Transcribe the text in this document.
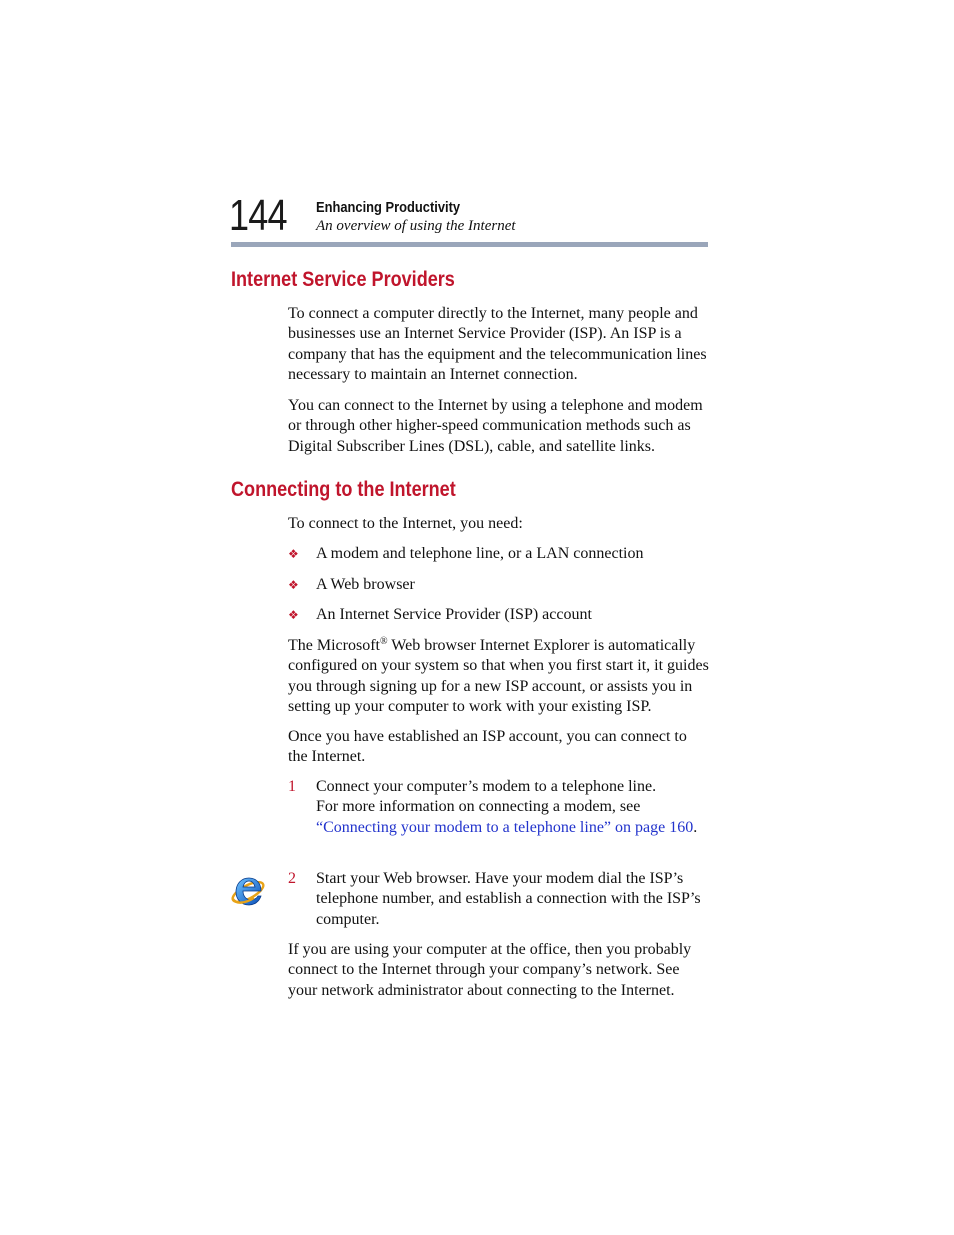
144 Enhancing Productivity
An overview of using the Internet
Internet Service Providers

To connect a computer directly to the Internet, many people and businesses use an Internet Service Provider (ISP). An ISP is a company that has the equipment and the telecommunication lines necessary to maintain an Internet connection.

You can connect to the Internet by using a telephone and modem or through other higher-speed communication methods such as Digital Subscriber Lines (DSL), cable, and satellite links.

Connecting to the Internet

To connect to the Internet, you need:

❖ A modem and telephone line, or a LAN connection

❖ A Web browser

❖ An Internet Service Provider (ISP) account

The Microsoft® Web browser Internet Explorer is automatically configured on your system so that when you first start it, it guides you through signing up for a new ISP account, or assists you in setting up your computer to work with your existing ISP.

Once you have established an ISP account, you can connect to the Internet.

1 Connect your computer’s modem to a telephone line.
For more information on connecting a modem, see
“Connecting your modem to a telephone line” on page 160.
2 Start your Web browser. Have your modem dial the ISP’s telephone number, and establish a connection with the ISP’s computer.

If you are using your computer at the office, then you probably connect to the Internet through your company’s network. See your network administrator about connecting to the Internet.
